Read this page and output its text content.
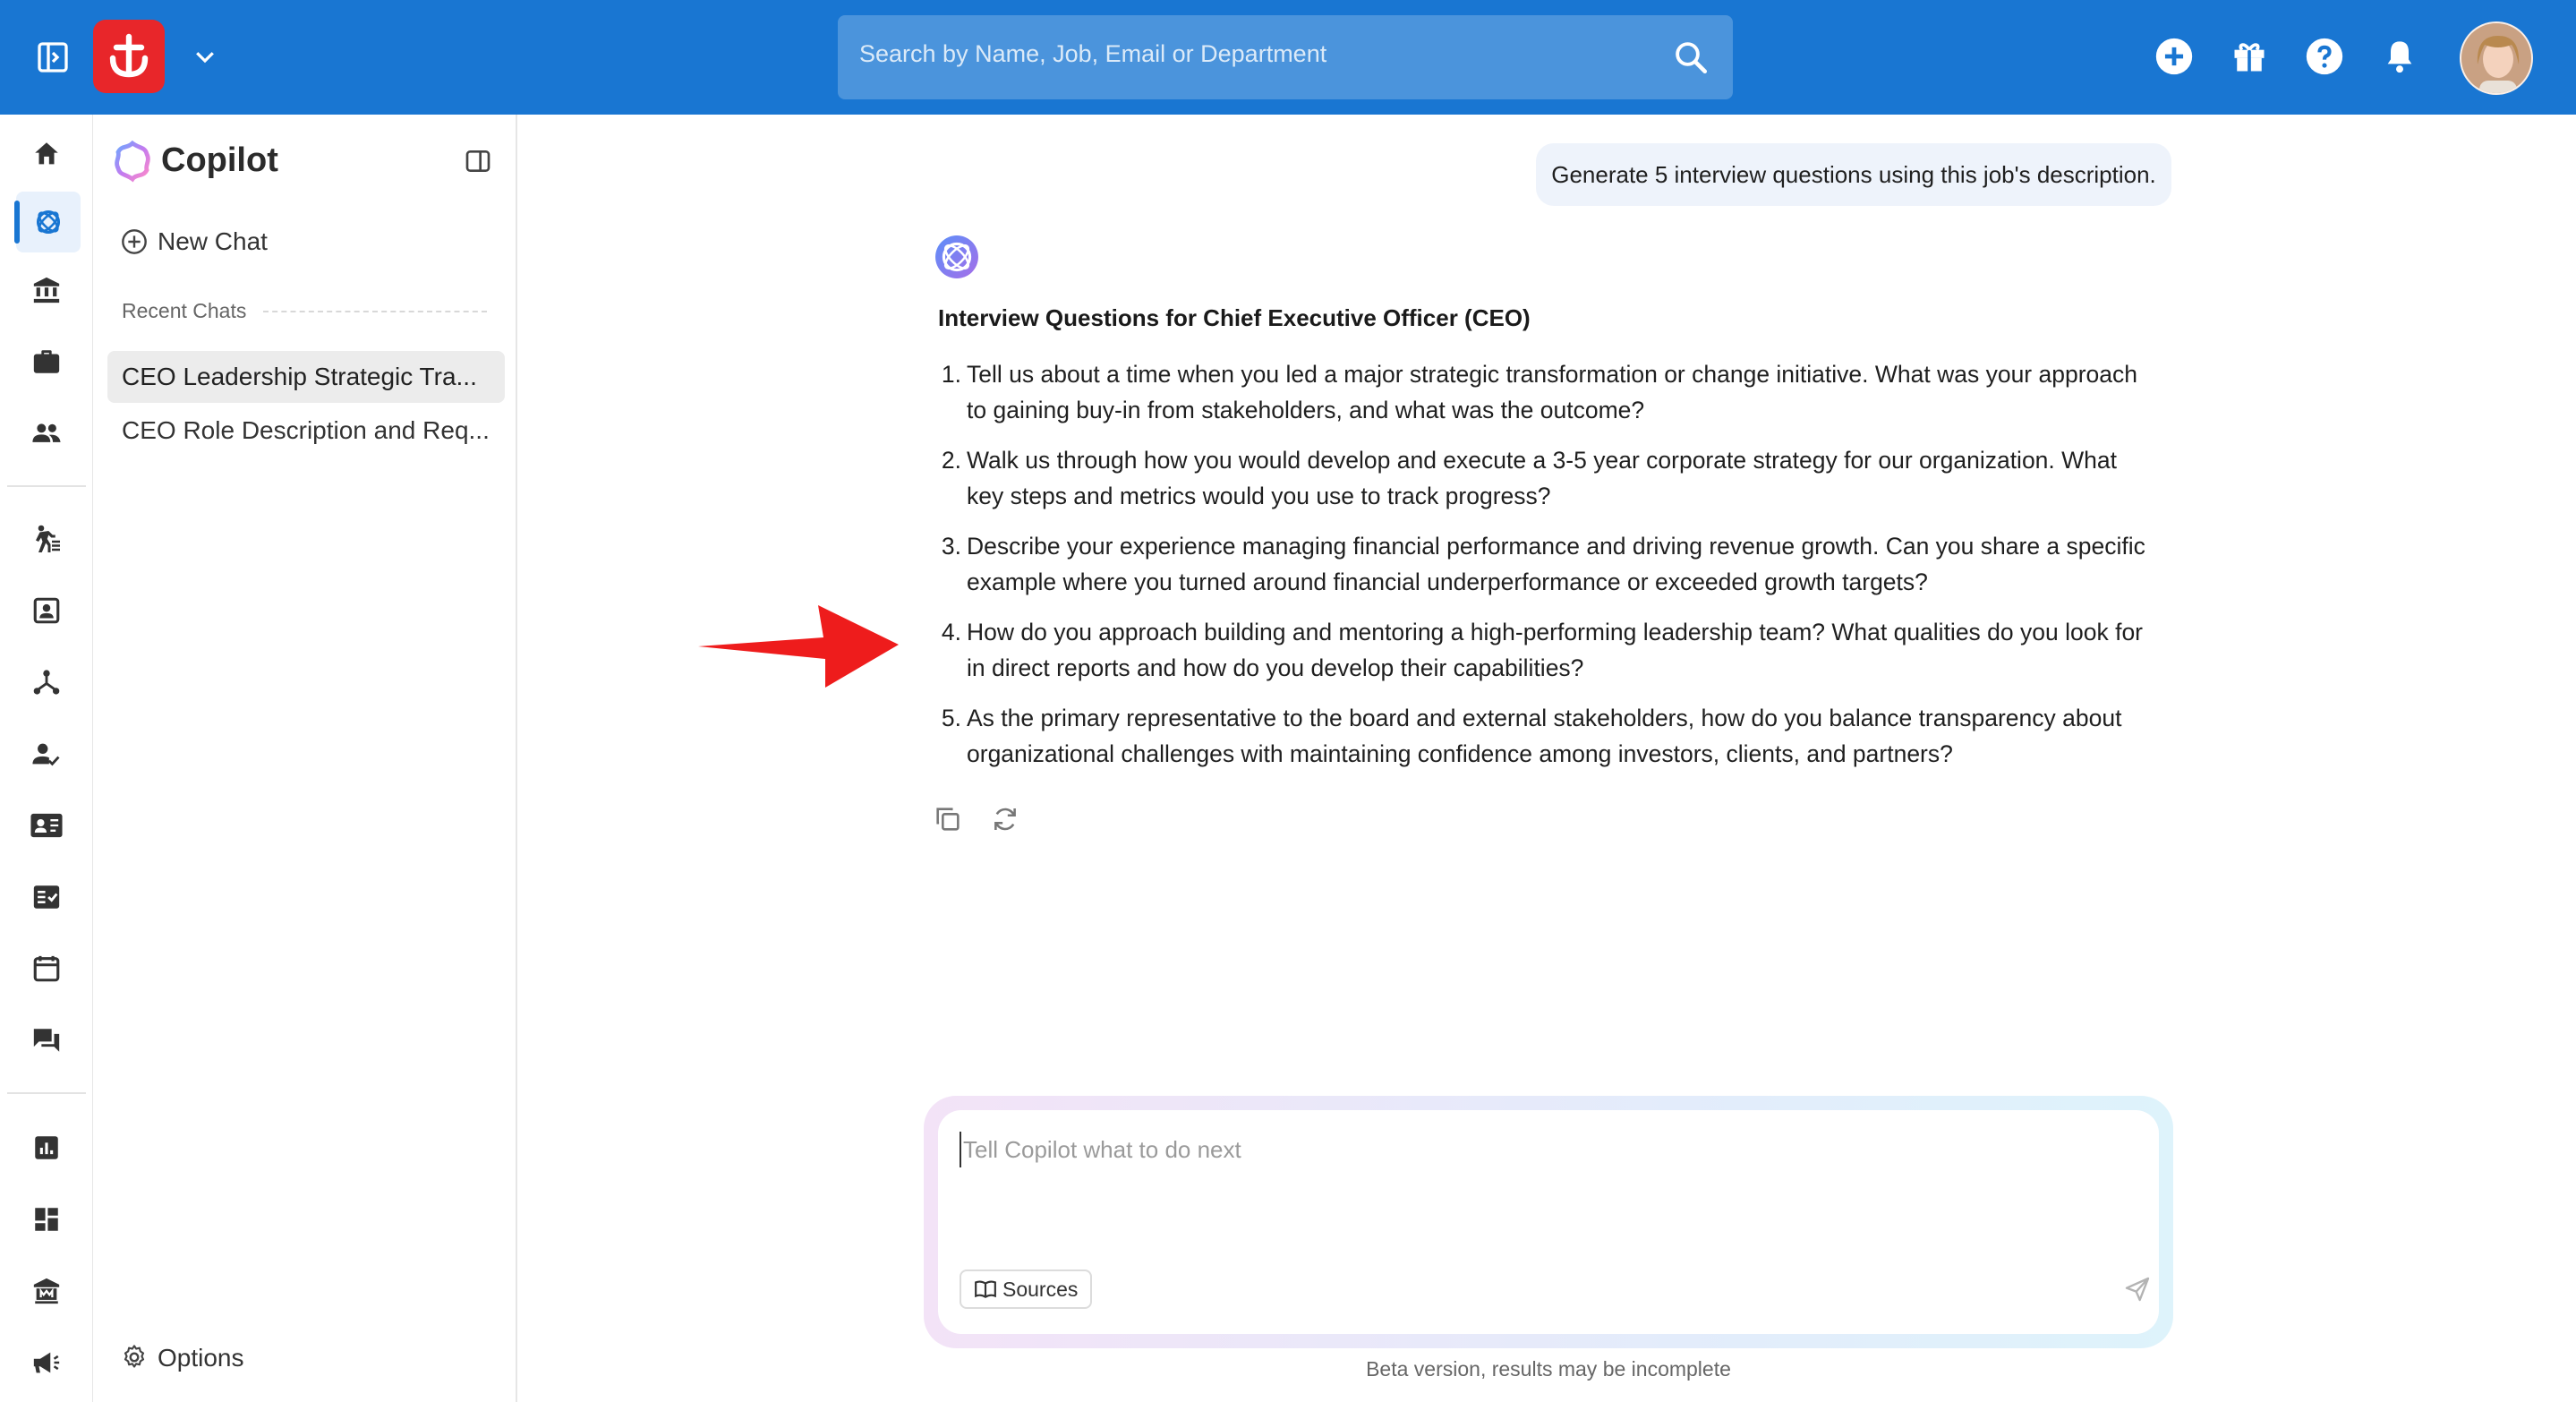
Search by Name, Job, Email or Department
Copilot
New Chat
Recent Chats
CEO Leadership Strategic Tra...
CEO Role Description and Req...
Options
Generate 5 interview questions using this job's description.
Interview Questions for Chief Executive Officer (CEO)
1. Tell us about a time when you led a major strategic transformation or change initiative. What was your approach to gaining buy-in from stakeholders, and what was the outcome?
2. Walk us through how you would develop and execute a 3-5 year corporate strategy for our organization. What key steps and metrics would you use to track progress?
3. Describe your experience managing financial performance and driving revenue growth. Can you share a specific example where you turned around financial underperformance or exceeded growth targets?
4. How do you approach building and mentoring a high-performing leadership team? What qualities do you look for in direct reports and how do you develop their capabilities?
5. As the primary representative to the board and external stakeholders, how do you balance transparency about organizational challenges with maintaining confidence among investors, clients, and partners?
Tell Copilot what to do next
Sources
Beta version, results may be incomplete
